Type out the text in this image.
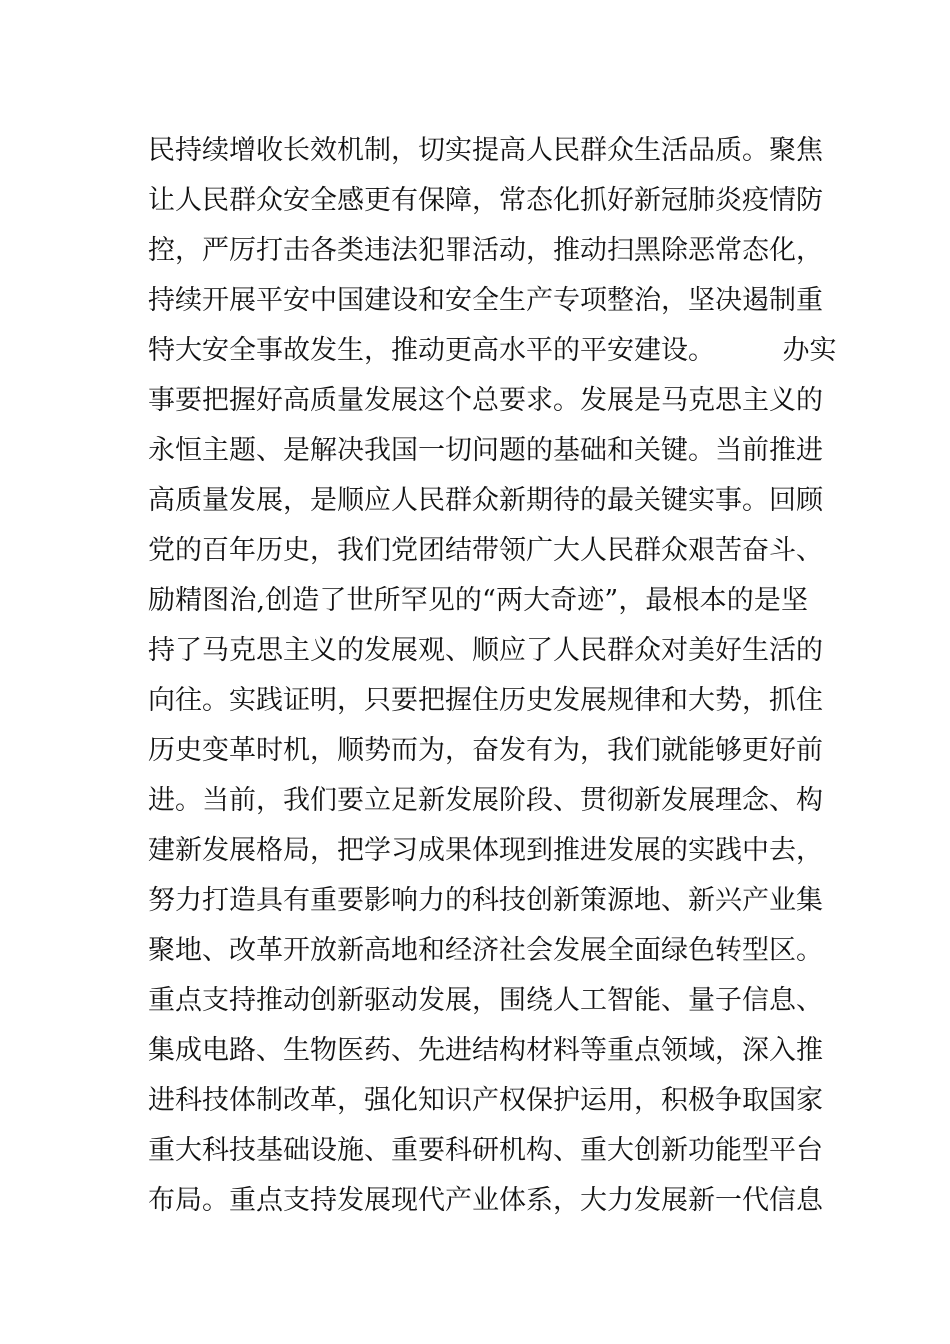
民持续增收长效机制，切实提高人民群众生活品质。聚焦
让人民群众安全感更有保障，常态化抓好新冠肺炎疫情防
控，严厉打击各类违法犯罪活动，推动扫黑除恶常态化，
持续开展平安中国建设和安全生产专项整治，坚决遏制重
特大安全事故发生，推动更高水平的平安建设。　　　办实
事要把握好高质量发展这个总要求。发展是马克思主义的
永恒主题、是解决我国一切问题的基础和关键。当前推进
高质量发展，是顺应人民群众新期待的最关键实事。回顾
党的百年历史，我们党团结带领广大人民群众艰苦奋斗、
励精图治,创造了世所罕见的“两大奇迹”，最根本的是坚
持了马克思主义的发展观、顺应了人民群众对美好生活的
向往。实践证明，只要把握住历史发展规律和大势，抓住
历史变革时机，顺势而为，奋发有为，我们就能够更好前
进。当前，我们要立足新发展阶段、贯彻新发展理念、构
建新发展格局，把学习成果体现到推进发展的实践中去，
努力打造具有重要影响力的科技创新策源地、新兴产业集
聚地、改革开放新高地和经济社会发展全面绿色转型区。
重点支持推动创新驱动发展，围绕人工智能、量子信息、
集成电路、生物医药、先进结构材料等重点领域，深入推
进科技体制改革，强化知识产权保护运用，积极争取国家
重大科技基础设施、重要科研机构、重大创新功能型平台
布局。重点支持发展现代产业体系，大力发展新一代信息
